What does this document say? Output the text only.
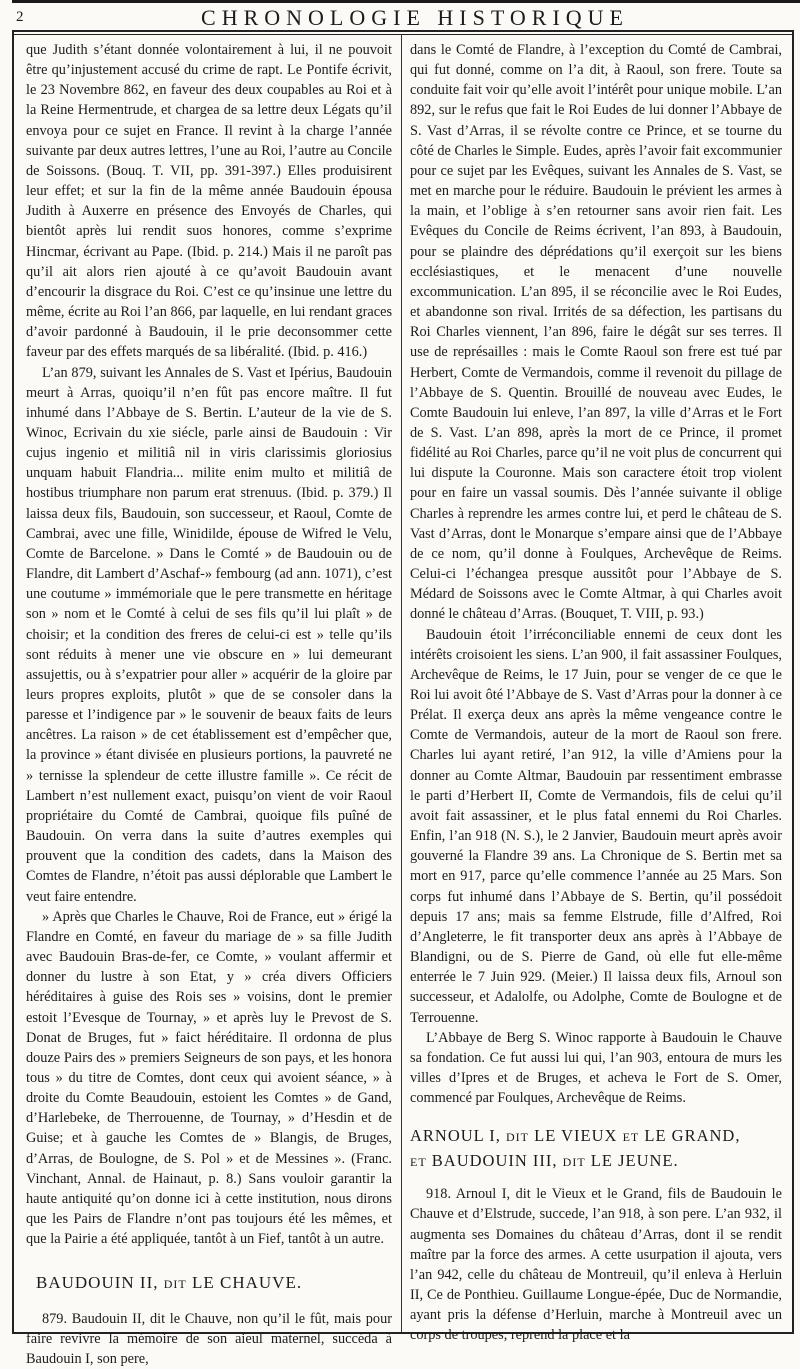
2	CHRONOLOGIE HISTORIQUE

que Judith s’étant donnée volontairement à lui, il ne pouvoit être qu’injustement accusé du crime de rapt. Le Pontife écrivit, le 23 Novembre 862, en faveur des deux coupables au Roi et à la Reine Hermentrude, et chargea de sa lettre deux Légats qu’il envoya pour ce sujet en France. Il revint à la charge l’année suivante par deux autres lettres, l’une au Roi, l’autre au Concile de Soissons. (Bouq. T. VII, pp. 391-397.) Elles produisirent leur effet; et sur la fin de la même année Baudouin épousa Judith à Auxerre en présence des Envoyés de Charles, qui bientôt après lui rendit suos honores, comme s’exprime Hincmar, écrivant au Pape. (Ibid. p. 214.) Mais il ne paroît pas qu’il ait alors rien ajouté à ce qu’avoit Baudouin avant d’encourir la disgrace du Roi. C’est ce qu’insinue une lettre du même, écrite au Roi l’an 866, par laquelle, en lui rendant graces d’avoir pardonné à Baudouin, il le prie deconsommer cette faveur par des effets marqués de sa libéralité. (Ibid. p. 416.)

L’an 879, suivant les Annales de S. Vast et Ipérius, Baudouin meurt à Arras, quoiqu’il n’en fût pas encore maître. Il fut inhumé dans l’Abbaye de S. Bertin. L’auteur de la vie de S. Winoc, Ecrivain du xie siécle, parle ainsi de Baudouin : Vir cujus ingenio et militiâ nil in viris clarissimis gloriosius unquam habuit Flandria... milite enim multo et militiâ de hostibus triumphare non parum erat strenuus. (Ibid. p. 379.) Il laissa deux fils, Baudouin, son successeur, et Raoul, Comte de Cambrai, avec une fille, Winidilde, épouse de Wifred le Velu, Comte de Barcelone. » Dans le Comté » de Baudouin ou de Flandre, dit Lambert d’Aschaf-» fembourg (ad ann. 1071), c’est une coutume » immémoriale que le pere transmette en héritage son » nom et le Comté à celui de ses fils qu’il lui plaît » de choisir; et la condition des freres de celui-ci est » telle qu’ils sont réduits à mener une vie obscure en » lui demeurant assujettis, ou à s’expatrier pour aller » acquérir de la gloire par leurs propres exploits, plutôt » que de se consoler dans la paresse et l’indigence par » le souvenir de beaux faits de leurs ancêtres. La raison » de cet établissement est d’empêcher que, la province » étant divisée en plusieurs portions, la pauvreté ne » ternisse la splendeur de cette illustre famille ». Ce récit de Lambert n’est nullement exact, puisqu’on vient de voir Raoul propriétaire du Comté de Cambrai, quoique fils puîné de Baudouin. On verra dans la suite d’autres exemples qui prouvent que la condition des cadets, dans la Maison des Comtes de Flandre, n’étoit pas aussi déplorable que Lambert le veut faire entendre.

» Après que Charles le Chauve, Roi de France, eut » érigé la Flandre en Comté, en faveur du mariage de » sa fille Judith avec Baudouin Bras-de-fer, ce Comte, » voulant affermir et donner du lustre à son Etat, y » créa divers Officiers héréditaires à guise des Rois ses » voisins, dont le premier estoit l’Evesque de Tournay, » et après luy le Prevost de S. Donat de Bruges, fut » faict héréditaire. Il ordonna de plus douze Pairs des » premiers Seigneurs de son pays, et les honora tous » du titre de Comtes, dont ceux qui avoient séance, » à droite du Comte Beaudouin, estoient les Comtes » de Gand, d’Harlebeke, de Therrouenne, de Tournay, » d’Hesdin et de Guise; et à gauche les Comtes de » Blangis, de Bruges, d’Arras, de Boulogne, de S. Pol » et de Messines ». (Franc. Vinchant, Annal. de Hainaut, p. 8.) Sans vouloir garantir la haute antiquité qu’on donne ici à cette institution, nous dirons que les Pairs de Flandre n’ont pas toujours été les mêmes, et que la Pairie a été appliquée, tantôt à un Fief, tantôt à un autre.

BAUDOUIN II, DIT LE CHAUVE.

879. Baudouin II, dit le Chauve, non qu’il le fût, mais pour faire revivre la mémoire de son aieul maternel, succéda à Baudouin I, son pere,

dans le Comté de Flandre, à l’exception du Comté de Cambrai, qui fut donné, comme on l’a dit, à Raoul, son frere. Toute sa conduite fait voir qu’elle avoit l’intérêt pour unique mobile. L’an 892, sur le refus que fait le Roi Eudes de lui donner l’Abbaye de S. Vast d’Arras, il se révolte contre ce Prince, et se tourne du côté de Charles le Simple. Eudes, après l’avoir fait excommunier pour ce sujet par les Evêques, suivant les Annales de S. Vast, se met en marche pour le réduire. Baudouin le prévient les armes à la main, et l’oblige à s’en retourner sans avoir rien fait. Les Evêques du Concile de Reims écrivent, l’an 893, à Baudouin, pour se plaindre des déprédations qu’il exerçoit sur les biens ecclésiastiques, et le menacent d’une nouvelle excommunication. L’an 895, il se réconcilie avec le Roi Eudes, et abandonne son rival. Irrités de sa défection, les partisans du Roi Charles viennent, l’an 896, faire le dégât sur ses terres. Il use de représailles : mais le Comte Raoul son frere est tué par Herbert, Comte de Vermandois, comme il revenoit du pillage de l’Abbaye de S. Quentin. Brouillé de nouveau avec Eudes, le Comte Baudouin lui enleve, l’an 897, la ville d’Arras et le Fort de S. Vast. L’an 898, après la mort de ce Prince, il promet fidélité au Roi Charles, parce qu’il ne voit plus de concurrent qui lui dispute la Couronne. Mais son caractere étoit trop violent pour en faire un vassal soumis. Dès l’année suivante il oblige Charles à reprendre les armes contre lui, et perd le château de S. Vast d’Arras, dont le Monarque s’empare ainsi que de l’Abbaye de ce nom, qu’il donne à Foulques, Archevêque de Reims. Celui-ci l’échangea presque aussitôt pour l’Abbaye de S. Médard de Soissons avec le Comte Altmar, à qui Charles avoit donné le château d’Arras. (Bouquet, T. VIII, p. 93.)

Baudouin étoit l’irréconciliable ennemi de ceux dont les intérêts croisoient les siens. L’an 900, il fait assassiner Foulques, Archevêque de Reims, le 17 Juin, pour se venger de ce que le Roi lui avoit ôté l’Abbaye de S. Vast d’Arras pour la donner à ce Prélat. Il exerça deux ans après la même vengeance contre le Comte de Vermandois, auteur de la mort de Raoul son frere. Charles lui ayant retiré, l’an 912, la ville d’Amiens pour la donner au Comte Altmar, Baudouin par ressentiment embrasse le parti d’Herbert II, Comte de Vermandois, fils de celui qu’il avoit fait assassiner, et le plus fatal ennemi du Roi Charles. Enfin, l’an 918 (N. S.), le 2 Janvier, Baudouin meurt après avoir gouverné la Flandre 39 ans. La Chronique de S. Bertin met sa mort en 917, parce qu’elle commence l’année au 25 Mars. Son corps fut inhumé dans l’Abbaye de S. Bertin, qu’il possédoit depuis 17 ans; mais sa femme Elstrude, fille d’Alfred, Roi d’Angleterre, le fit transporter deux ans après à l’Abbaye de Blandigni, ou de S. Pierre de Gand, où elle fut elle-même enterrée le 7 Juin 929. (Meier.) Il laissa deux fils, Arnoul son successeur, et Adalolfe, ou Adolphe, Comte de Boulogne et de Terrouenne.

L’Abbaye de Berg S. Winoc rapporte à Baudouin le Chauve sa fondation. Ce fut aussi lui qui, l’an 903, entoura de murs les villes d’Ipres et de Bruges, et acheva le Fort de S. Omer, commencé par Foulques, Archevêque de Reims.

ARNOUL I, DIT LE VIEUX ET LE GRAND,
ET BAUDOUIN III, DIT LE JEUNE.

918. Arnoul I, dit le Vieux et le Grand, fils de Baudouin le Chauve et d’Elstrude, succede, l’an 918, à son pere. L’an 932, il augmenta ses Domaines du château d’Arras, dont il se rendit maître par la force des armes. A cette usurpation il ajouta, vers l’an 942, celle du château de Montreuil, qu’il enleva à Herluin II, Ce de Ponthieu. Guillaume Longue-épée, Duc de Normandie, ayant pris la défense d’Herluin, marche à Montreuil avec un corps de troupes, reprend la place et la
